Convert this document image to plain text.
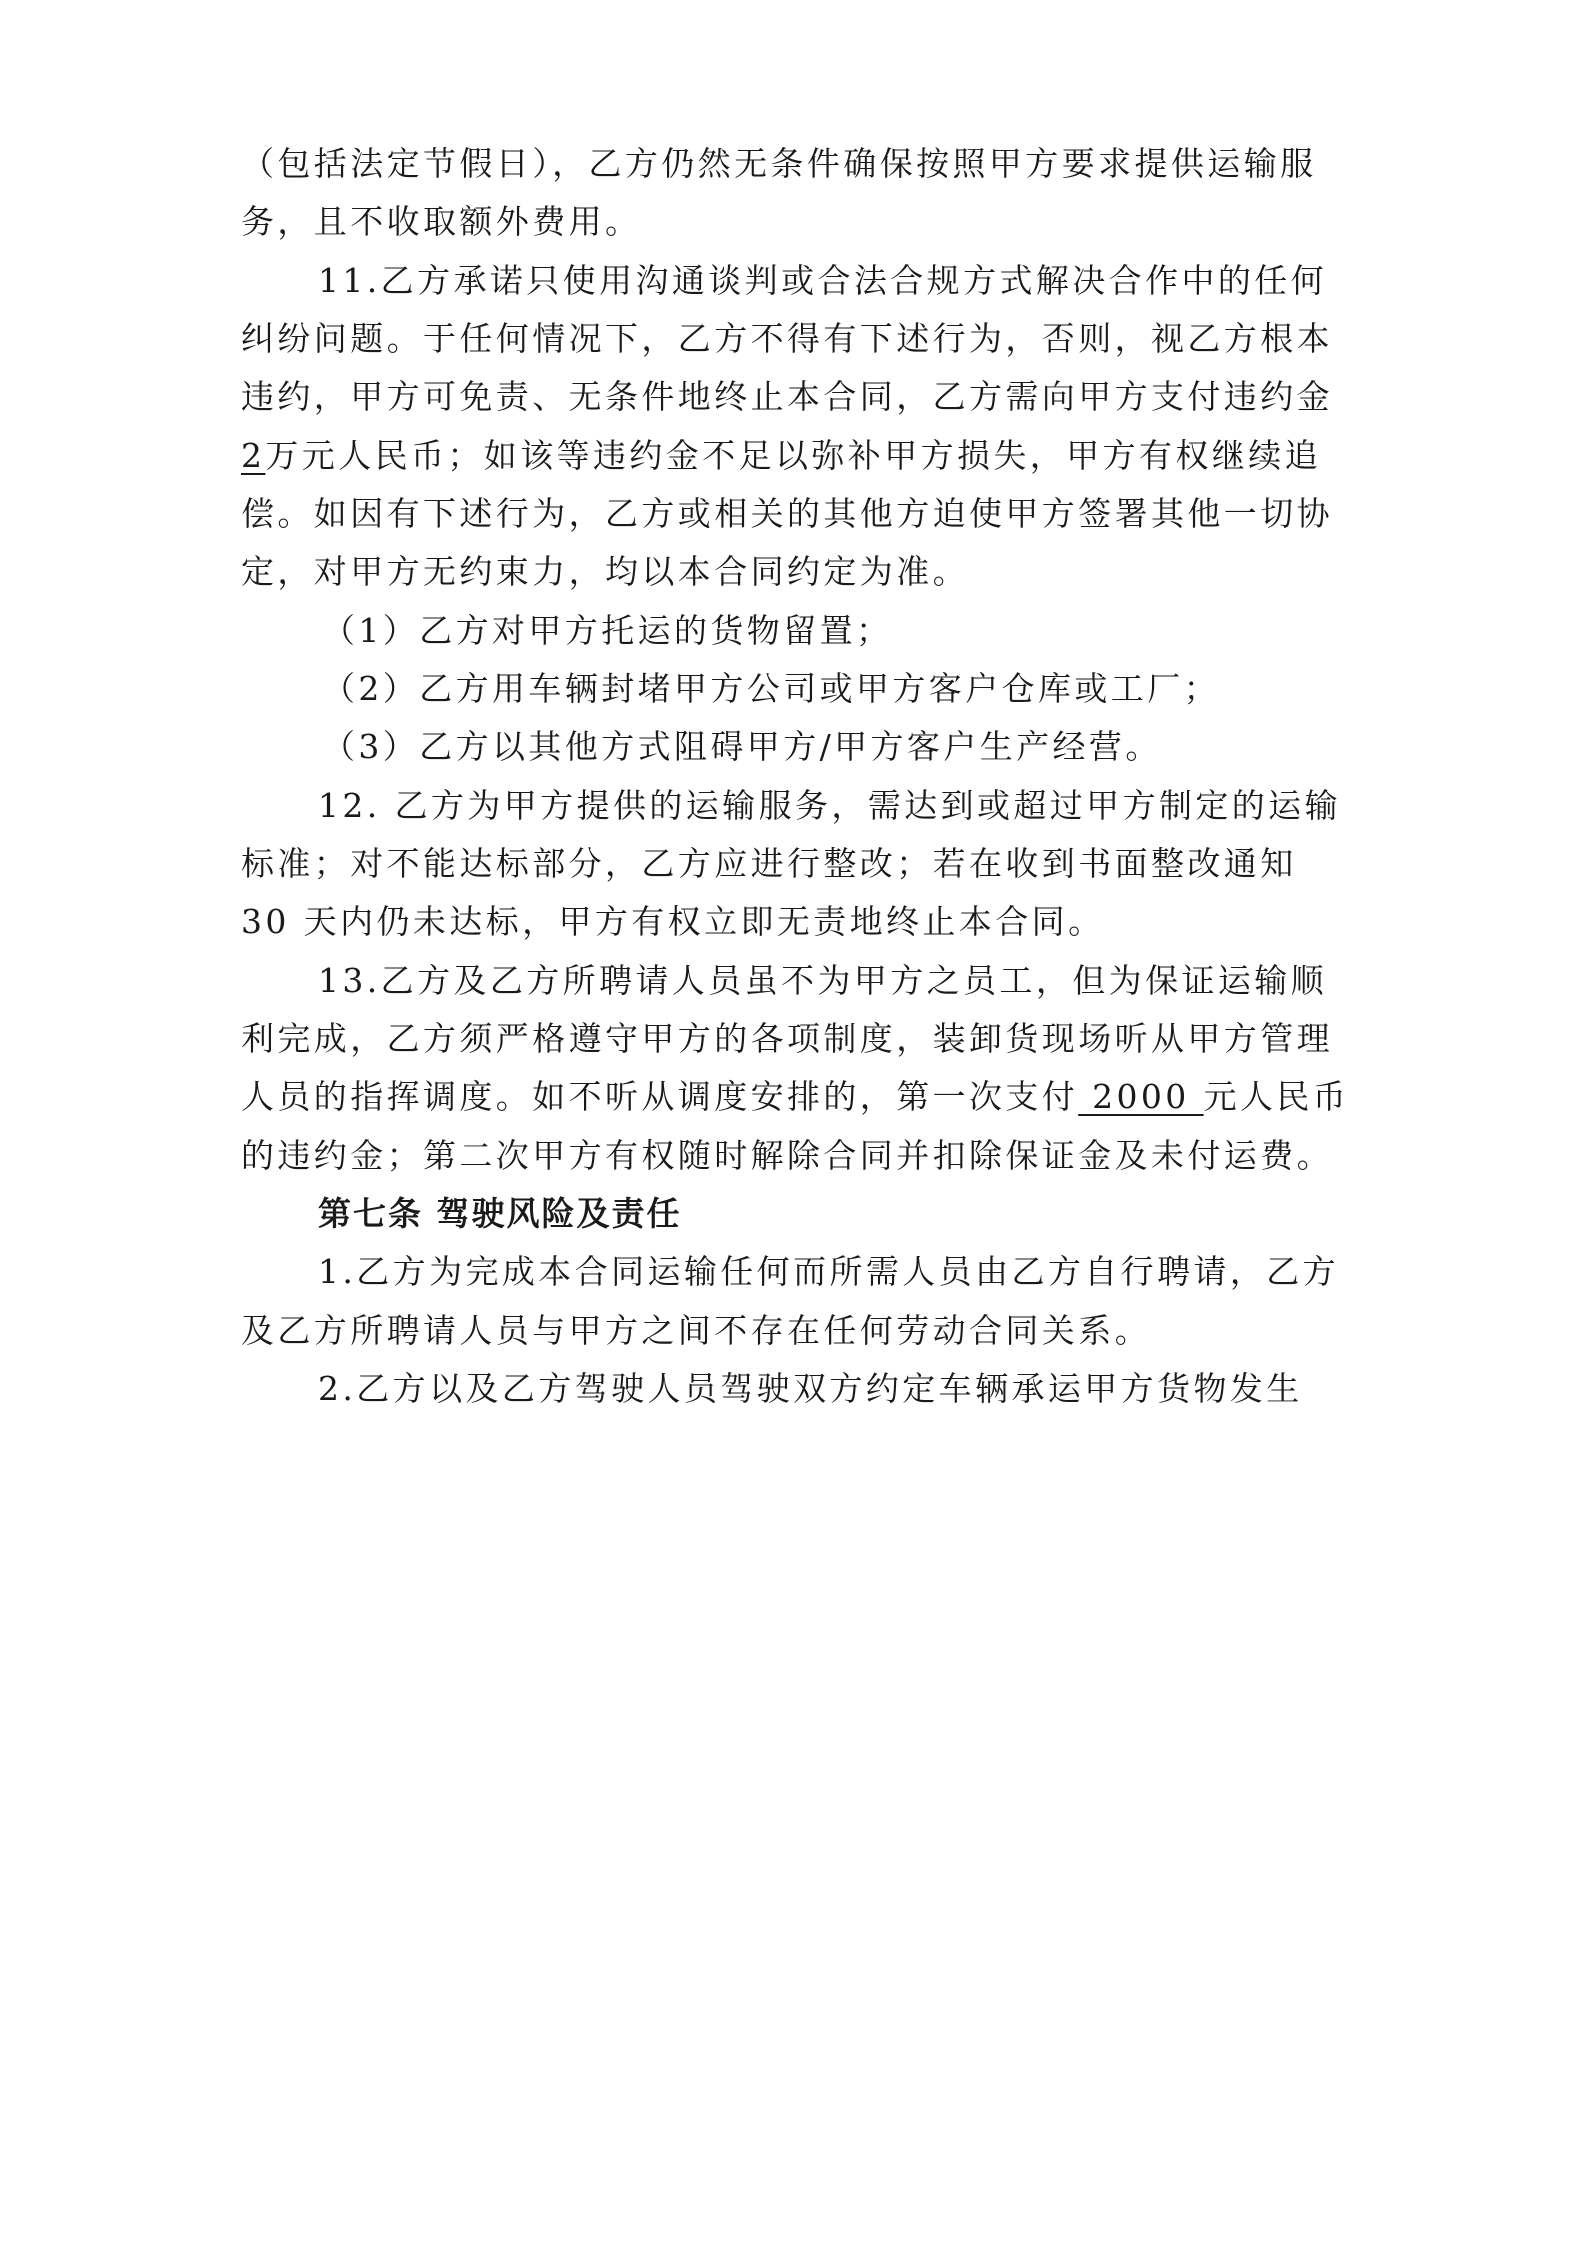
（包括法定节假日），乙方仍然无条件确保按照甲方要求提供运输服
务，且不收取额外费用。
11.乙方承诺只使用沟通谈判或合法合规方式解决合作中的任何
纠纷问题。于任何情况下，乙方不得有下述行为，否则，视乙方根本
违约，甲方可免责、无条件地终止本合同，乙方需向甲方支付违约金
2万元人民币；如该等违约金不足以弥补甲方损失，甲方有权继续追
偿。如因有下述行为，乙方或相关的其他方迫使甲方签署其他一切协
定，对甲方无约束力，均以本合同约定为准。
（1）乙方对甲方托运的货物留置；
（2）乙方用车辆封堵甲方公司或甲方客户仓库或工厂；
（3）乙方以其他方式阻碍甲方/甲方客户生产经营。
12. 乙方为甲方提供的运输服务，需达到或超过甲方制定的运输
标准；对不能达标部分，乙方应进行整改；若在收到书面整改通知
30 天内仍未达标，甲方有权立即无责地终止本合同。
13.乙方及乙方所聘请人员虽不为甲方之员工，但为保证运输顺
利完成，乙方须严格遵守甲方的各项制度，装卸货现场听从甲方管理
人员的指挥调度。如不听从调度安排的，第一次支付 2000 元人民币
的违约金；第二次甲方有权随时解除合同并扣除保证金及未付运费。
第七条 驾驶风险及责任
1.乙方为完成本合同运输任何而所需人员由乙方自行聘请，乙方
及乙方所聘请人员与甲方之间不存在任何劳动合同关系。
2.乙方以及乙方驾驶人员驾驶双方约定车辆承运甲方货物发生
